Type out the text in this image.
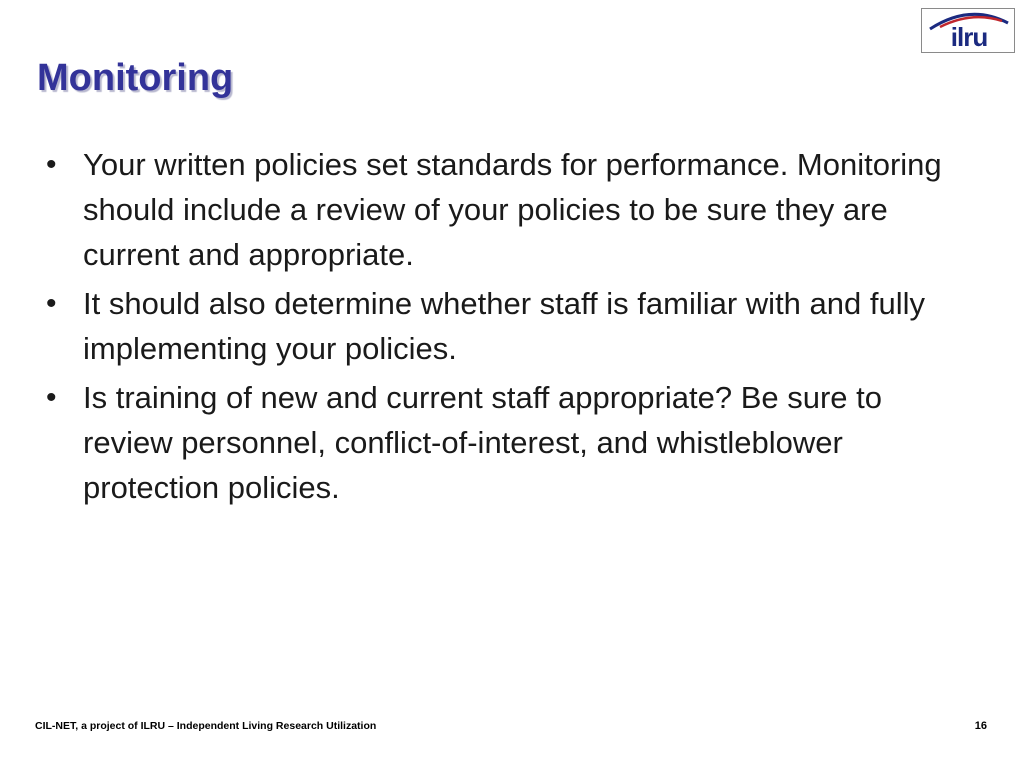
Monitoring
ilru
• Your written policies set standards for performance. Monitoring should include a review of your policies to be sure they are current and appropriate.
• It should also determine whether staff is familiar with and fully implementing your policies.
• Is training of new and current staff appropriate? Be sure to review personnel, conflict-of-interest, and whistleblower protection policies.
CIL-NET, a project of ILRU – Independent Living Research Utilization	16
